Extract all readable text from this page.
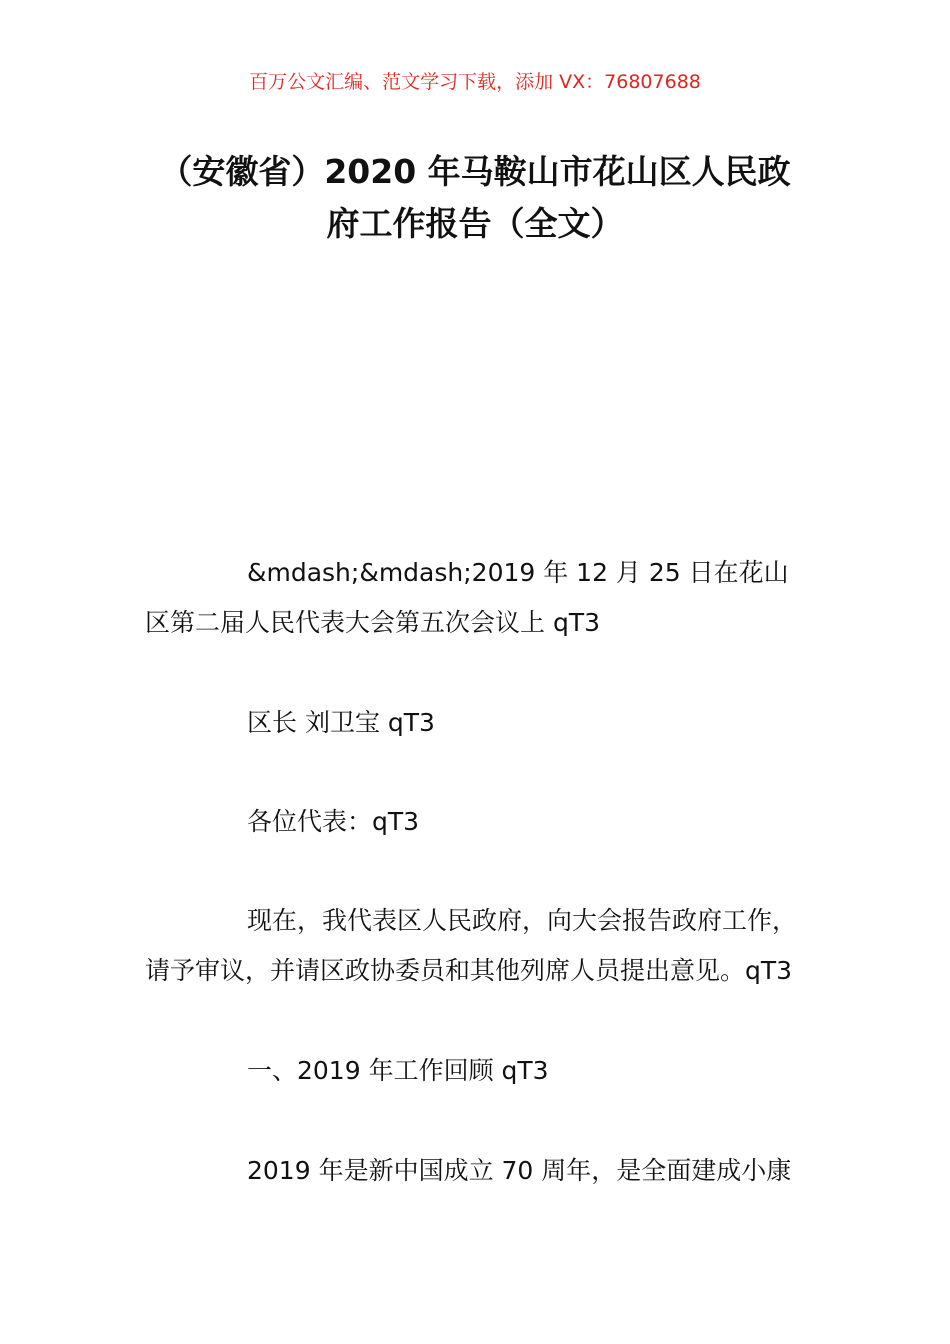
百万公文汇编、范文学习下载，添加 VX：76807688
（安徽省）2020 年马鞍山市花山区人民政
府工作报告（全文）
&mdash;&mdash;2019 年 12 月 25 日在花山
区第二届人民代表大会第五次会议上 qT3
区长 刘卫宝 qT3
各位代表：qT3
现在，我代表区人民政府，向大会报告政府工作，
请予审议，并请区政协委员和其他列席人员提出意见。qT3
一、2019 年工作回顾 qT3
2019 年是新中国成立 70 周年，是全面建成小康
